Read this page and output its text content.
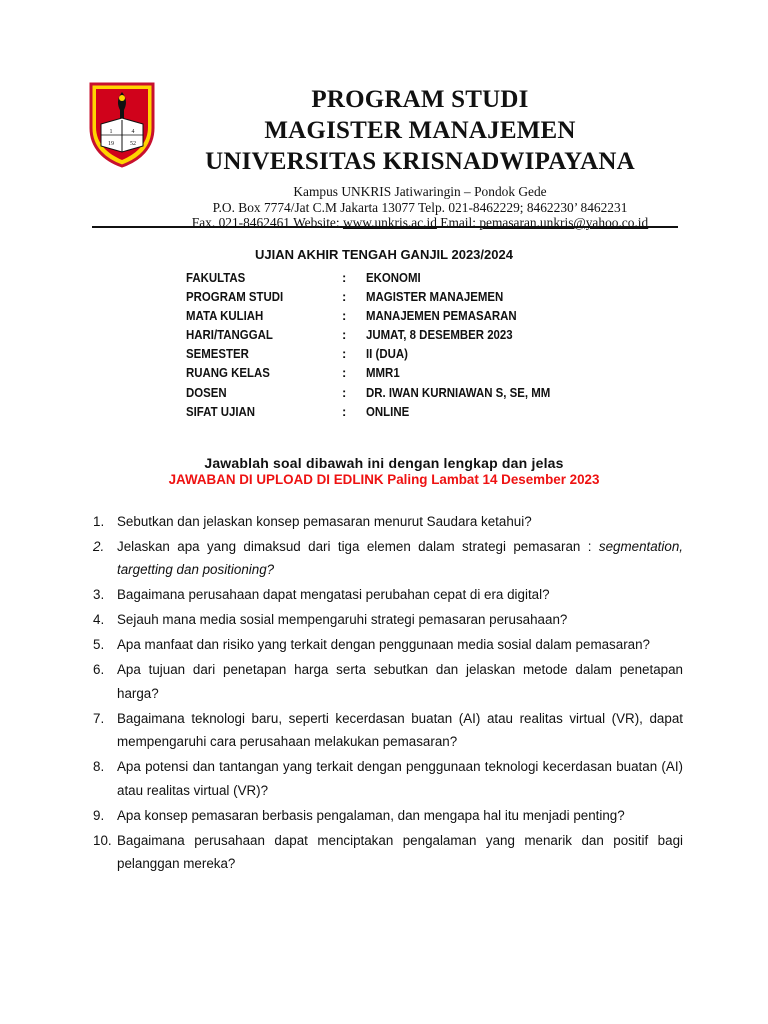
1	4
19	52
PROGRAM STUDI
MAGISTER MANAJEMEN
UNIVERSITAS KRISNADWIPAYANA
Kampus UNKRIS Jatiwaringin – Pondok Gede
P.O. Box 7774/Jat C.M Jakarta 13077 Telp. 021-8462229; 8462230’ 8462231
Fax. 021-8462461 Website: www.unkris.ac.id Email: pemasaran.unkris@yahoo.co.id
UJIAN AKHIR TENGAH GANJIL 2023/2024
FAKULTAS	: EKONOMI
PROGRAM STUDI	: MAGISTER MANAJEMEN
MATA KULIAH	: MANAJEMEN PEMASARAN
HARI/TANGGAL	: JUMAT, 8 DESEMBER 2023
SEMESTER	: II (DUA)
RUANG KELAS	: MMR1
DOSEN	: DR. IWAN KURNIAWAN S, SE, MM
SIFAT UJIAN	: ONLINE
Jawablah soal dibawah ini dengan lengkap dan jelas
JAWABAN DI UPLOAD DI EDLINK Paling Lambat 14 Desember 2023
1. Sebutkan dan jelaskan konsep pemasaran menurut Saudara ketahui?
2. Jelaskan apa yang dimaksud dari tiga elemen dalam strategi pemasaran : segmentation, targetting dan positioning?
3. Bagaimana perusahaan dapat mengatasi perubahan cepat di era digital?
4. Sejauh mana media sosial mempengaruhi strategi pemasaran perusahaan?
5. Apa manfaat dan risiko yang terkait dengan penggunaan media sosial dalam pemasaran?
6. Apa tujuan dari penetapan harga serta sebutkan dan jelaskan metode dalam penetapan harga?
7. Bagaimana teknologi baru, seperti kecerdasan buatan (AI) atau realitas virtual (VR), dapat mempengaruhi cara perusahaan melakukan pemasaran?
8. Apa potensi dan tantangan yang terkait dengan penggunaan teknologi kecerdasan buatan (AI) atau realitas virtual (VR)?
9. Apa konsep pemasaran berbasis pengalaman, dan mengapa hal itu menjadi penting?
10. Bagaimana perusahaan dapat menciptakan pengalaman yang menarik dan positif bagi pelanggan mereka?
